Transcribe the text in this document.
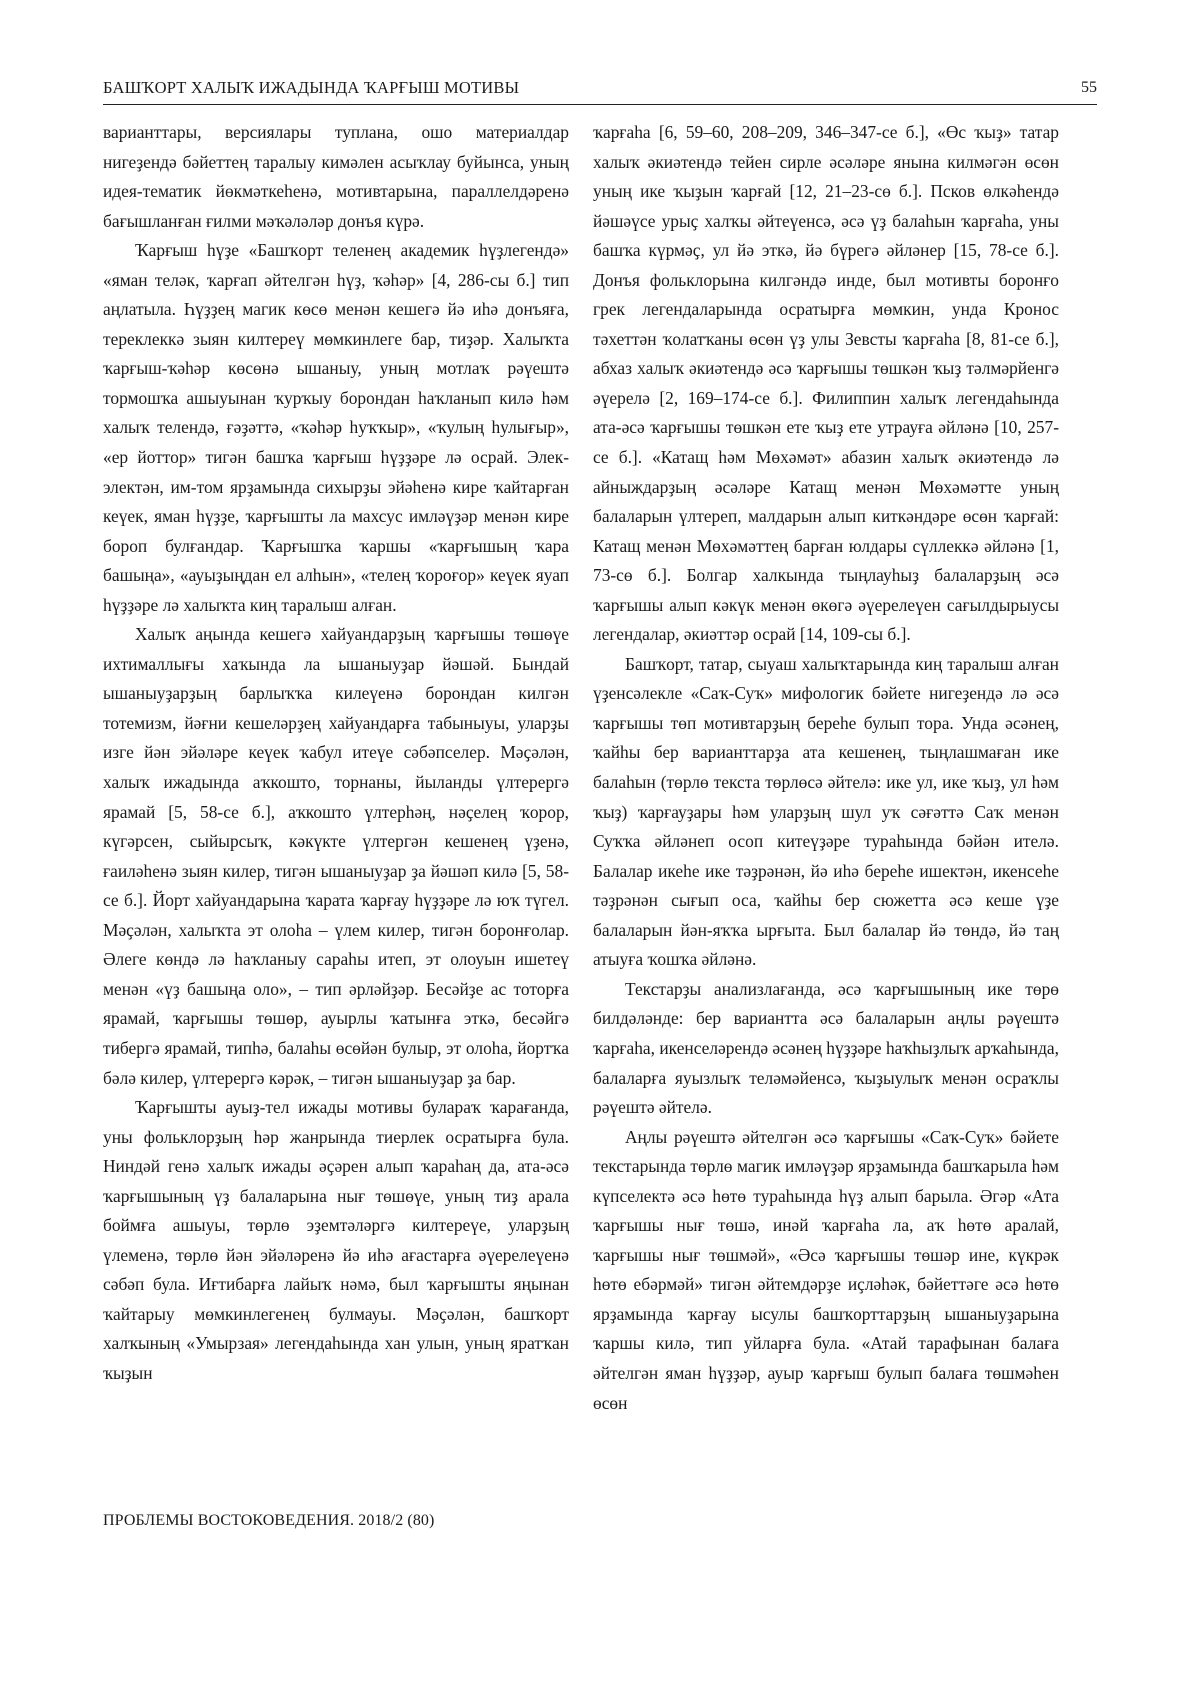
БАШҠОРТ ХАЛЫҠ ИЖАДЫНДА ҠАРҒЫШ МОТИВЫ	55

варианттары, версиялары туплана, ошо материалдар нигеҙендә бәйеттең таралыу кимәлен асыҡлау буйынса, уның идея-тематик йөкмәткеһенә, мотивтарына, параллелдәренә бағышланған ғилми мәҡәләләр донъя күрә.

Ҡарғыш һүҙе «Башҡорт теленең академик һүҙлегендә» «яман теләк, ҡарғап әйтелгән һүҙ, ҡәһәр» [4, 286-сы б.] тип аңлатыла. Һүҙҙең магик көсө менән кешегә йә иһә донъяға, тереклеккә зыян килтереү мөмкинлеге бар, тиҙәр. Халыҡта ҡарғыш-ҡәһәр көсөнә ышаныу, уның мотлаҡ рәүештә тормошҡа ашыуынан ҡурҡыу борондан һаҡланып килә һәм халыҡ телендә, ғәҙәттә, «ҡәһәр һуҡҡыр», «ҡулың һулығыр», «ер йоттор» тигән башҡа ҡарғыш һүҙҙәре лә осрай. Элек-электән, им-том ярҙамында сихырҙы эйәһенә кире ҡайтарған кеүек, яман һүҙҙе, ҡарғышты ла махсус имләүҙәр менән кире бороп булғандар. Ҡарғышҡа ҡаршы «ҡарғышың ҡара башыңа», «ауыҙыңдан ел алһын», «телең ҡороғор» кеүек яуап һүҙҙәре лә халыҡта киң таралыш алған.

Халыҡ аңында кешегә хайуандарҙың ҡарғышы төшөүе ихтималлығы хаҡында ла ышаныуҙар йәшәй. Бындай ышаныуҙарҙың барлыҡҡа килеүенә борондан килгән тотемизм, йәғни кешеләрҙең хайуандарға табыныуы, уларҙы изге йән эйәләре кеүек ҡабул итеүе сәбәпселер. Мәҫәлән, халыҡ ижадында аҡкошто, торнаны, йыланды үлтерергә ярамай [5, 58-се б.], аҡкошто үлтерһәң, нәҫелең ҡорор, күгәрсен, сыйырсыҡ, кәкүкте үлтергән кешенең үҙенә, ғаиләһенә зыян килер, тигән ышаныуҙар ҙа йәшәп килә [5, 58-се б.]. Йорт хайуандарына ҡарата ҡарғау һүҙҙәре лә юҡ түгел. Мәҫәлән, халыҡта эт олоһа – үлем килер, тигән боронғолар. Әлеге көндә лә һаҡланыу сараһы итеп, эт олоуын ишетеү менән «үҙ башыңа оло», – тип әрләйҙәр. Бесәйҙе ас тоторға ярамай, ҡарғышы төшөр, ауырлы ҡатынға эткә, бесәйгә тибергә ярамай, типһә, балаһы өсөйән булыр, эт олоһа, йортҡа бәлә килер, үлтерергә кәрәк, – тигән ышаныуҙар ҙа бар.

Ҡарғышты ауыҙ-тел ижады мотивы булараҡ ҡарағанда, уны фольклорҙың һәр жанрында тиерлек осратырға була. Ниндәй генә халыҡ ижады әҫәрен алып ҡараһаң да, ата-әсә ҡарғышының үҙ балаларына нығ төшөүе, уның тиҙ арала боймға ашыуы, төрлө эҙемтәләргә килтереүе, уларҙың үлеменә, төрлө йән эйәләренә йә иһә ағастарға әүерелеүенә сәбәп була. Иғтибарға лайыҡ нәмә, был ҡарғышты яңынан ҡайтарыу мөмкинлегенең булмауы. Мәҫәлән, башҡорт халҡының «Умырзая» легендаһында хан улын, уның яратҡан ҡыҙын

ҡарғаһа [6, 59–60, 208–209, 346–347-се б.], «Өс ҡыҙ» татар халыҡ әкиәтендә тейен сирле әсәләре янына килмәгән өсөн уның ике ҡыҙын ҡарғай [12, 21–23-сө б.]. Псков өлкәһендә йәшәүсе урыҫ халҡы әйтеүенсә, әсә үҙ балаһын ҡарғаһа, уны башҡа күрмәҫ, ул йә эткә, йә бүрегә әйләнер [15, 78-се б.]. Донъя фольклорына килгәндә инде, был мотивты боронғо грек легендаларында осратырға мөмкин, унда Кронос тәхеттән ҡолатҡаны өсөн үҙ улы Зевсты ҡарғаһа [8, 81-се б.], абхаз халыҡ әкиәтендә әсә ҡарғышы төшкән ҡыҙ тәлмәрйенгә әүерелә [2, 169–174-се б.]. Филиппин халыҡ легендаһында ата-әсә ҡарғышы төшкән ете ҡыҙ ете утрауға әйләнә [10, 257-се б.]. «Катащ һәм Мөхәмәт» абазин халыҡ әкиәтендә лә айныждарҙың әсәләре Катащ менән Мөхәмәтте уның балаларын үлтереп, малдарын алып киткәндәре өсөн ҡарғай: Катащ менән Мөхәмәттең барған юлдары сүллеккә әйләнә [1, 73-сө б.]. Болгар халкында тыңлауһыҙ балаларҙың әсә ҡарғышы алып кәкүк менән өкөгә әүерелеүен сағылдырыусы легендалар, әкиәттәр осрай [14, 109-сы б.].

Башҡорт, татар, сыуаш халыҡтарында киң таралыш алған үҙенсәлекле «Саҡ-Суҡ» мифологик бәйете нигеҙендә лә әсә ҡарғышы төп мотивтарҙың береһе булып тора. Унда әсәнең, ҡайһы бер варианттарҙа ата кешенең, тыңлашмаған ике балаһын (төрлө текста төрлөсә әйтелә: ике ул, ике ҡыҙ, ул һәм ҡыҙ) ҡарғауҙары һәм уларҙың шул уҡ сәғәттә Саҡ менән Суҡҡа әйләнеп осоп китеүҙәре тураһында бәйән ителә. Балалар икеһе ике тәҙрәнән, йә иһә береһе ишектән, икенсеһе тәҙрәнән сығып оса, ҡайһы бер сюжетта әсә кеше үҙе балаларын йән-яҡҡа ырғыта. Был балалар йә төндә, йә таң атыуға ҡошҡа әйләнә.

Текстарҙы анализлағанда, әсә ҡарғышының ике төрө билдәләнде: бер вариантта әсә балаларын аңлы рәүештә ҡарғаһа, икенселәрендә әсәнең һүҙҙәре һаҡһыҙлыҡ арҡаһында, балаларға яуызлыҡ теләмәйенсә, ҡыҙыулыҡ менән осраҡлы рәүештә әйтелә.

Аңлы рәүештә әйтелгән әсә ҡарғышы «Саҡ-Суҡ» бәйете текстарында төрлө магик имләүҙәр ярҙамында башҡарыла һәм күпселектә әсә һөтө тураһында һүҙ алып барыла. Әгәр «Ата ҡарғышы нығ төшә, инәй ҡарғаһа ла, аҡ һөтө аралай, ҡарғышы нығ төшмәй», «Әсә ҡарғышы төшәр ине, күкрәк һөтө ебәрмәй» тигән әйтемдәрҙе иҫләһәк, бәйеттәге әсә һөтө ярҙамында ҡарғау ысулы башҡорттарҙың ышаныуҙарына ҡаршы килә, тип уйларға була. «Атай тарафынан балаға әйтелгән яман һүҙҙәр, ауыр ҡарғыш булып балаға төшмәһен өсөн

ПРОБЛЕМЫ ВОСТОКОВЕДЕНИЯ. 2018/2 (80)
